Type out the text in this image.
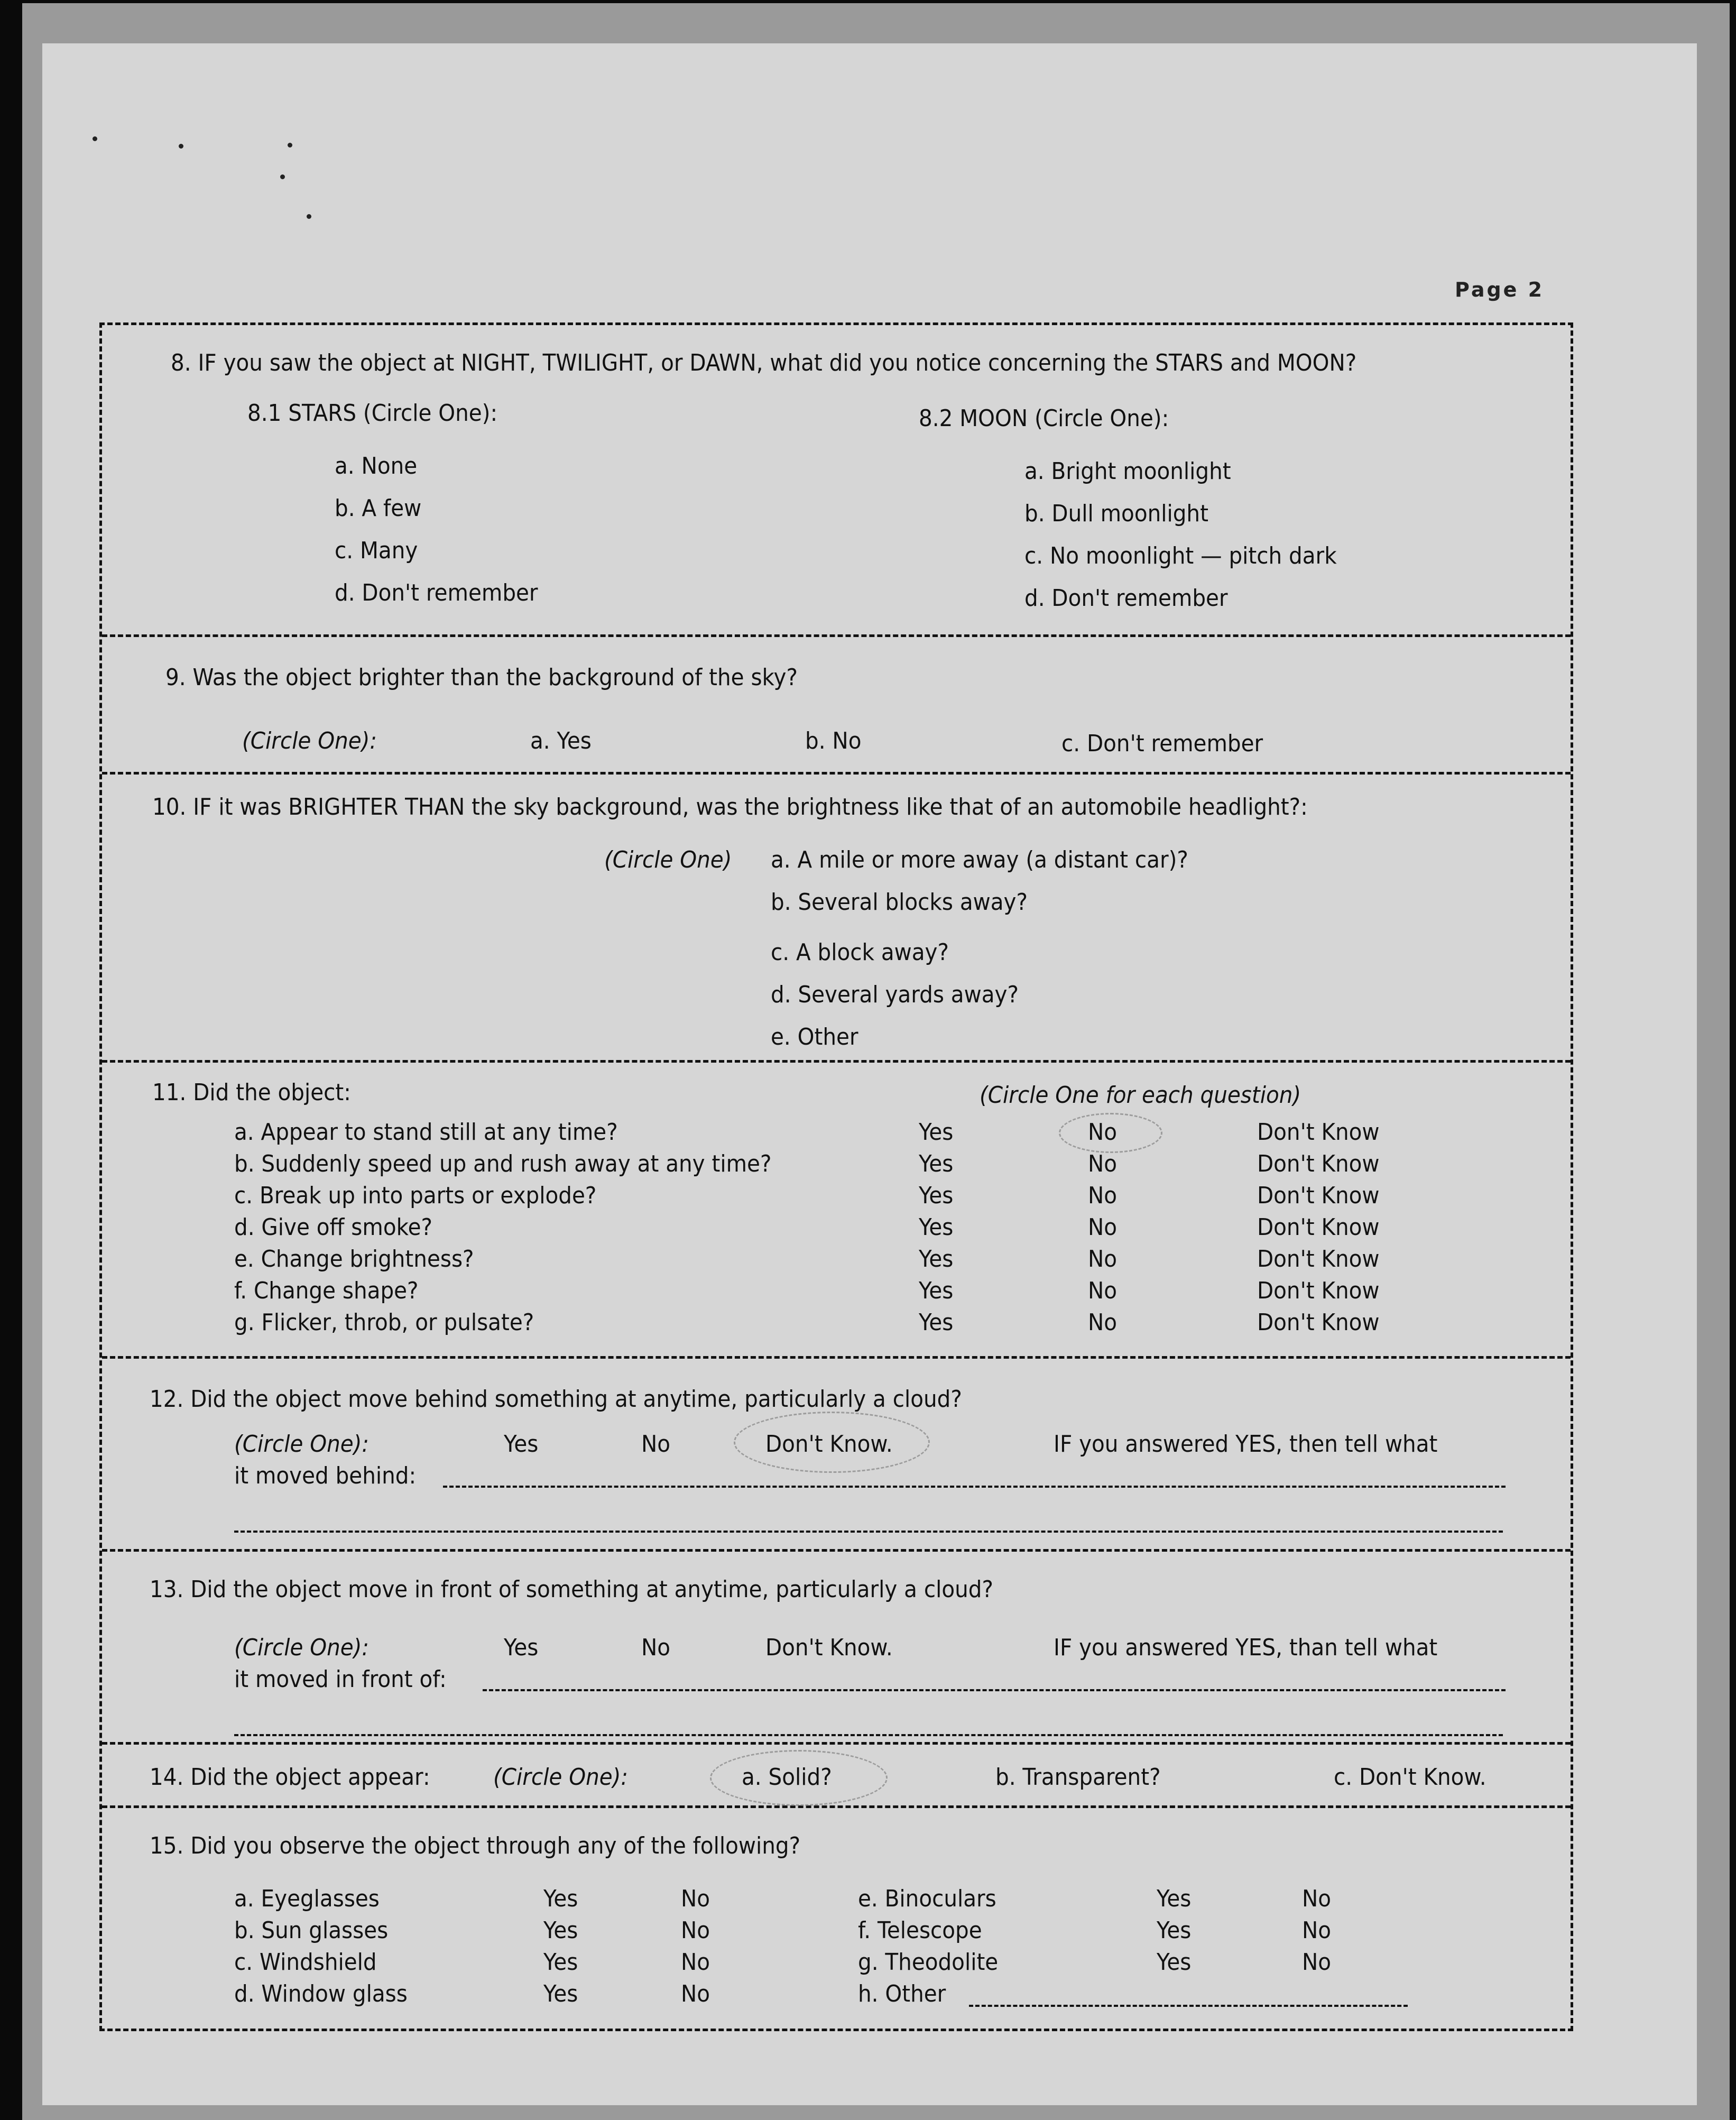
Page 2
8. IF you saw the object at NIGHT, TWILIGHT, or DAWN, what did you notice concerning the STARS and MOON?
8.1 STARS (Circle One):
a. None
b. A few
c. Many
d. Don't remember
8.2 MOON (Circle One):
a. Bright moonlight
b. Dull moonlight
c. No moonlight — pitch dark
d. Don't remember
9. Was the object brighter than the background of the sky?
(Circle One):	a. Yes	b. No	c. Don't remember
10. IF it was BRIGHTER THAN the sky background, was the brightness like that of an automobile headlight?:
(Circle One) a. A mile or more away (a distant car)?
b. Several blocks away?
c. A block away?
d. Several yards away?
e. Other
11. Did the object:	(Circle One for each question)
a. Appear to stand still at any time?	Yes	No	Don't Know
b. Suddenly speed up and rush away at any time?	Yes	No	Don't Know
c. Break up into parts or explode?	Yes	No	Don't Know
d. Give off smoke?	Yes	No	Don't Know
e. Change brightness?	Yes	No	Don't Know
f. Change shape?	Yes	No	Don't Know
g. Flicker, throb, or pulsate?	Yes	No	Don't Know
12. Did the object move behind something at anytime, particularly a cloud?
(Circle One):	Yes	No	Don't Know.	IF you answered YES, then tell what
it moved behind:
13. Did the object move in front of something at anytime, particularly a cloud?
(Circle One):	Yes	No	Don't Know.	IF you answered YES, than tell what
it moved in front of:
14. Did the object appear:	(Circle One):	a. Solid?	b. Transparent?	c. Don't Know.
15. Did you observe the object through any of the following?
a. Eyeglasses	Yes	No
b. Sun glasses	Yes	No
c. Windshield	Yes	No
d. Window glass	Yes	No
e. Binoculars	Yes	No
f. Telescope	Yes	No
g. Theodolite	Yes	No
h. Other
